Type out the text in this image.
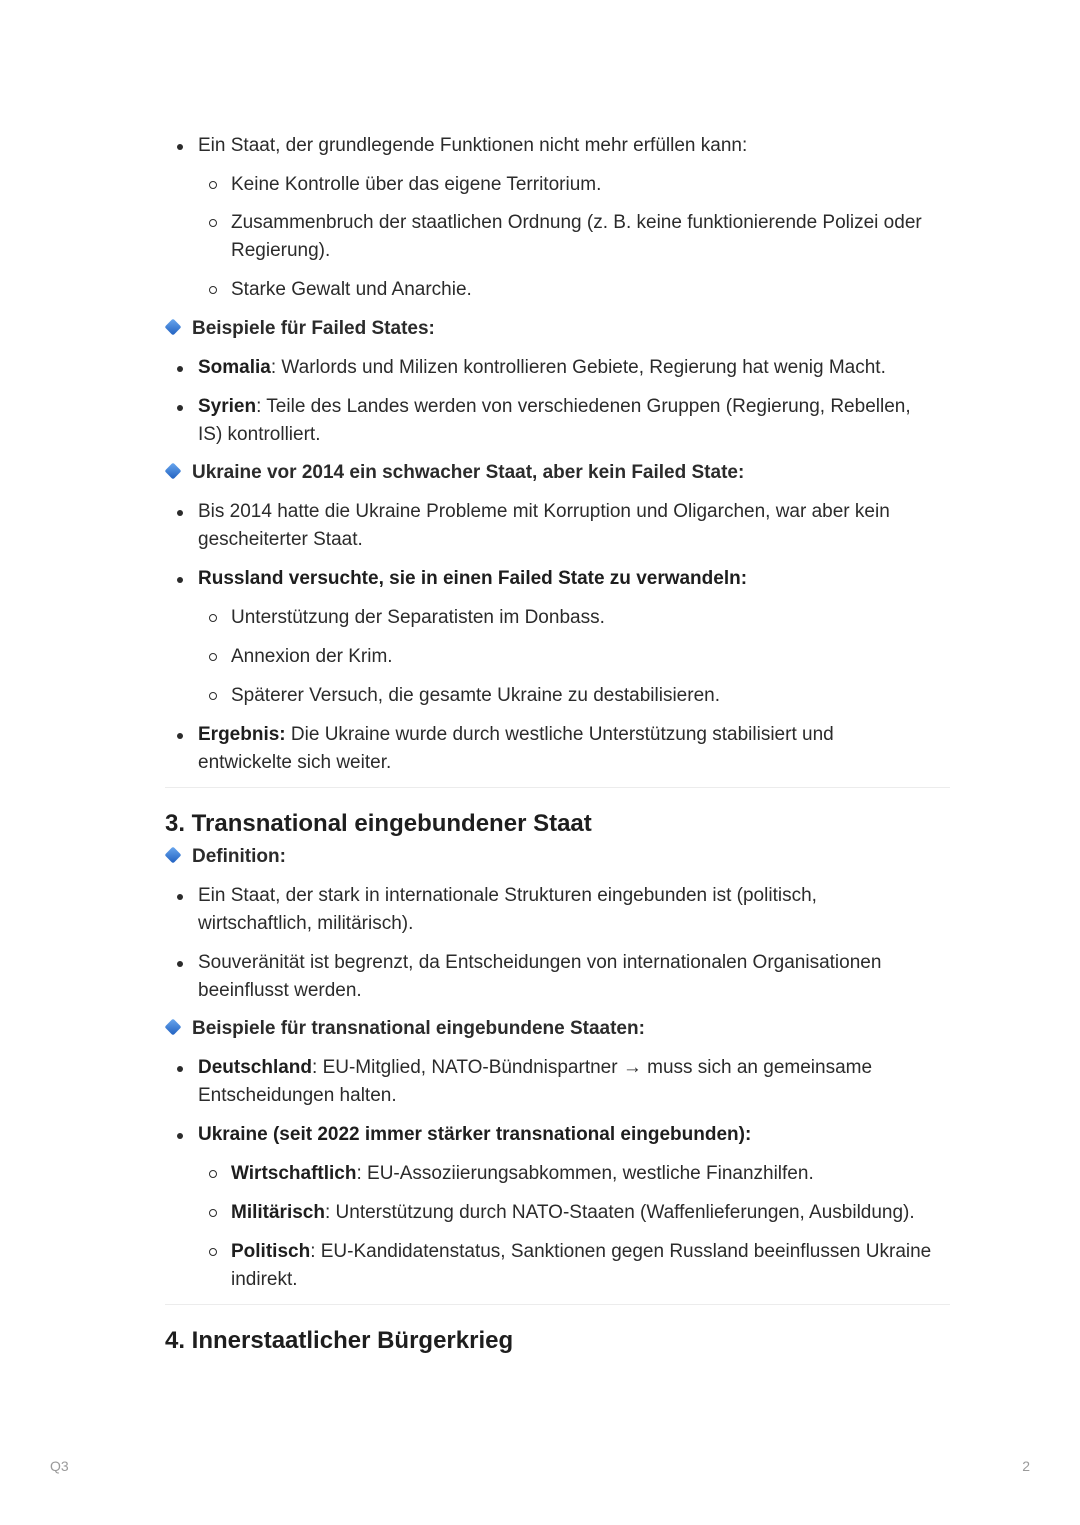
Ein Staat, der grundlegende Funktionen nicht mehr erfüllen kann:
Keine Kontrolle über das eigene Territorium.
Zusammenbruch der staatlichen Ordnung (z. B. keine funktionierende Polizei oder
Regierung).
Starke Gewalt und Anarchie.
Beispiele für Failed States:
Somalia: Warlords und Milizen kontrollieren Gebiete, Regierung hat wenig Macht.
Syrien: Teile des Landes werden von verschiedenen Gruppen (Regierung, Rebellen,
IS) kontrolliert.
Ukraine vor 2014 ein schwacher Staat, aber kein Failed State:
Bis 2014 hatte die Ukraine Probleme mit Korruption und Oligarchen, war aber kein
gescheiterter Staat.
Russland versuchte, sie in einen Failed State zu verwandeln:
Unterstützung der Separatisten im Donbass.
Annexion der Krim.
Späterer Versuch, die gesamte Ukraine zu destabilisieren.
Ergebnis: Die Ukraine wurde durch westliche Unterstützung stabilisiert und
entwickelte sich weiter.
3. Transnational eingebundener Staat
Definition:
Ein Staat, der stark in internationale Strukturen eingebunden ist (politisch,
wirtschaftlich, militärisch).
Souveränität ist begrenzt, da Entscheidungen von internationalen Organisationen
beeinflusst werden.
Beispiele für transnational eingebundene Staaten:
Deutschland: EU-Mitglied, NATO-Bündnispartner → muss sich an gemeinsame
Entscheidungen halten.
Ukraine (seit 2022 immer stärker transnational eingebunden):
Wirtschaftlich: EU-Assoziierungsabkommen, westliche Finanzhilfen.
Militärisch: Unterstützung durch NATO-Staaten (Waffenlieferungen, Ausbildung).
Politisch: EU-Kandidatenstatus, Sanktionen gegen Russland beeinflussen Ukraine
indirekt.
4. Innerstaatlicher Bürgerkrieg
Q3	2
